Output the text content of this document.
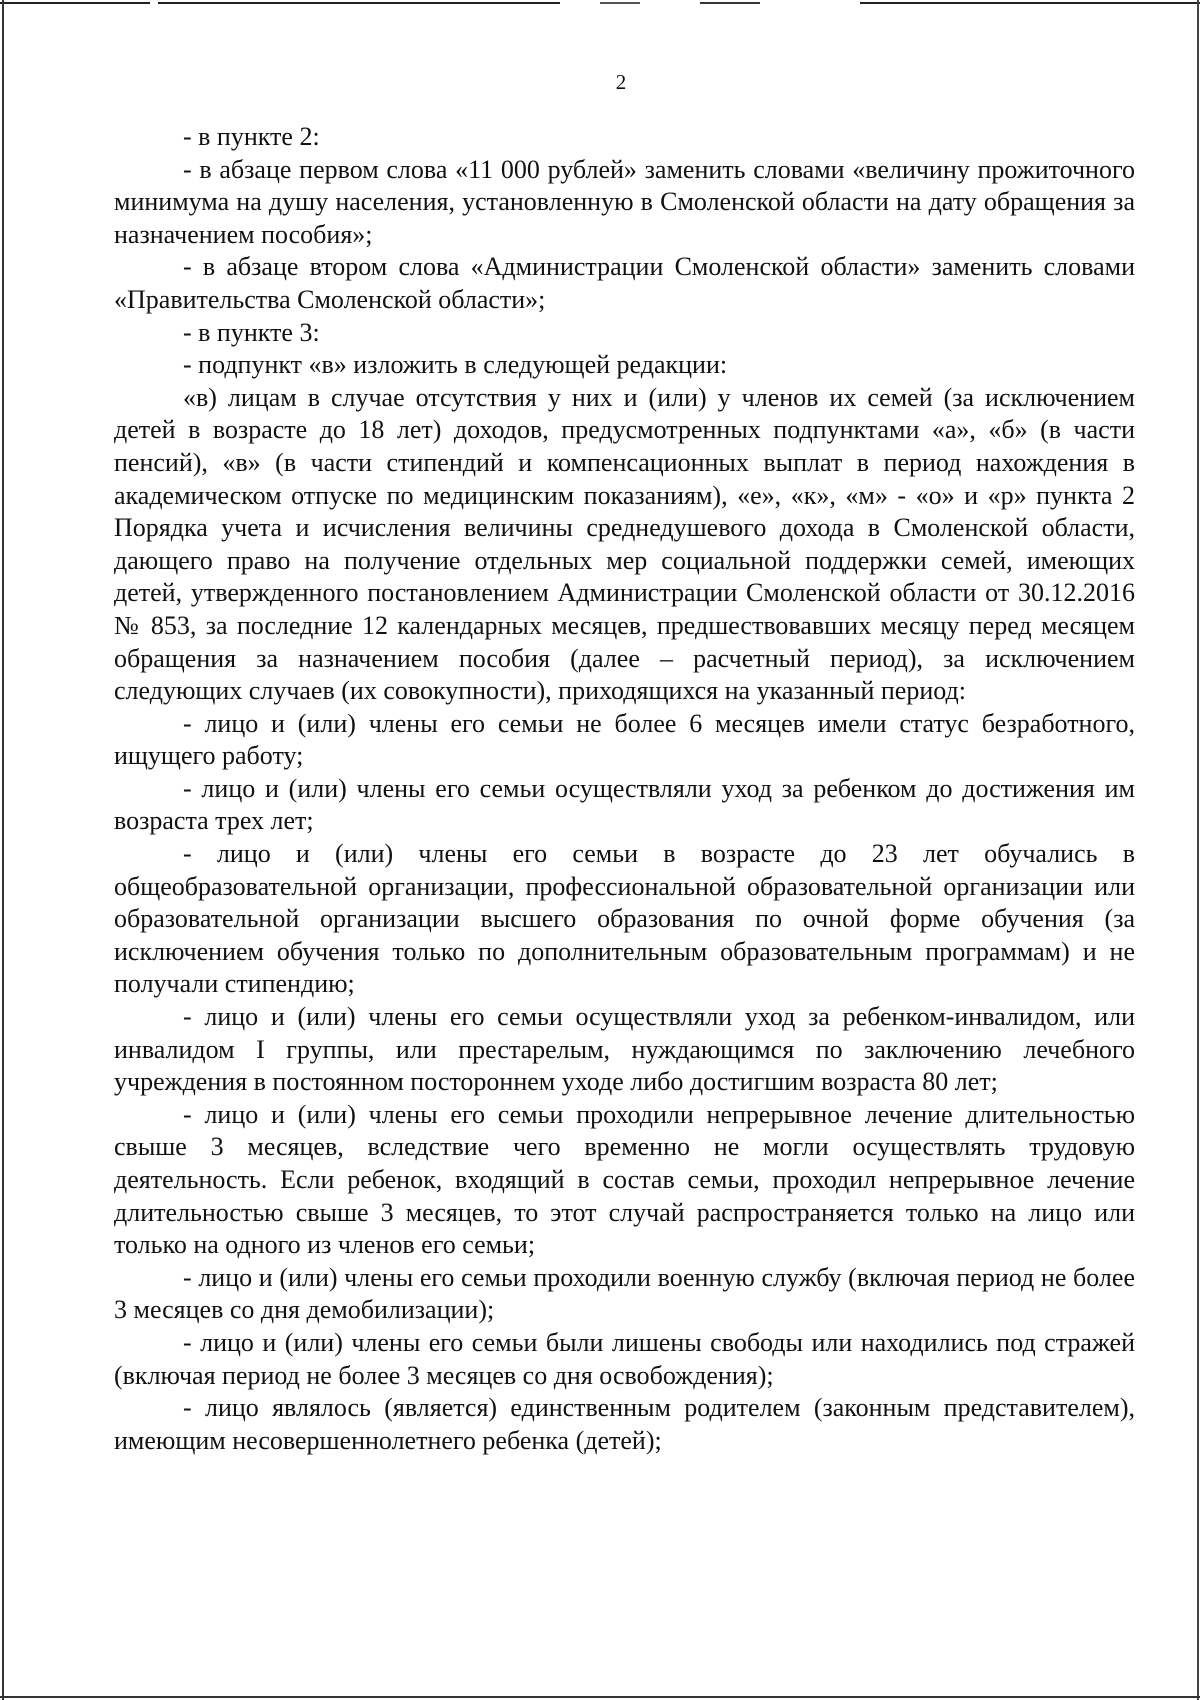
2

- в пункте 2:

- в абзаце первом слова «11 000 рублей» заменить словами «величину прожиточного минимума на душу населения, установленную в Смоленской области на дату обращения за назначением пособия»;

- в абзаце втором слова «Администрации Смоленской области» заменить словами «Правительства Смоленской области»;

- в пункте 3:

- подпункт «в» изложить в следующей редакции:

«в) лицам в случае отсутствия у них и (или) у членов их семей (за исключением детей в возрасте до 18 лет) доходов, предусмотренных подпунктами «а», «б» (в части пенсий), «в» (в части стипендий и компенсационных выплат в период нахождения в академическом отпуске по медицинским показаниям), «е», «к», «м» - «о» и «р» пункта 2 Порядка учета и исчисления величины среднедушевого дохода в Смоленской области, дающего право на получение отдельных мер социальной поддержки семей, имеющих детей, утвержденного постановлением Администрации Смоленской области от 30.12.2016 № 853, за последние 12 календарных месяцев, предшествовавших месяцу перед месяцем обращения за назначением пособия (далее – расчетный период), за исключением следующих случаев (их совокупности), приходящихся на указанный период:

- лицо и (или) члены его семьи не более 6 месяцев имели статус безработного, ищущего работу;

- лицо и (или) члены его семьи осуществляли уход за ребенком до достижения им возраста трех лет;

- лицо и (или) члены его семьи в возрасте до 23 лет обучались в общеобразовательной организации, профессиональной образовательной организации или образовательной организации высшего образования по очной форме обучения (за исключением обучения только по дополнительным образовательным программам) и не получали стипендию;

- лицо и (или) члены его семьи осуществляли уход за ребенком-инвалидом, или инвалидом I группы, или престарелым, нуждающимся по заключению лечебного учреждения в постоянном постороннем уходе либо достигшим возраста 80 лет;

- лицо и (или) члены его семьи проходили непрерывное лечение длительностью свыше 3 месяцев, вследствие чего временно не могли осуществлять трудовую деятельность. Если ребенок, входящий в состав семьи, проходил непрерывное лечение длительностью свыше 3 месяцев, то этот случай распространяется только на лицо или только на одного из членов его семьи;

- лицо и (или) члены его семьи проходили военную службу (включая период не более 3 месяцев со дня демобилизации);

- лицо и (или) члены его семьи были лишены свободы или находились под стражей (включая период не более 3 месяцев со дня освобождения);

- лицо являлось (является) единственным родителем (законным представителем), имеющим несовершеннолетнего ребенка (детей);
